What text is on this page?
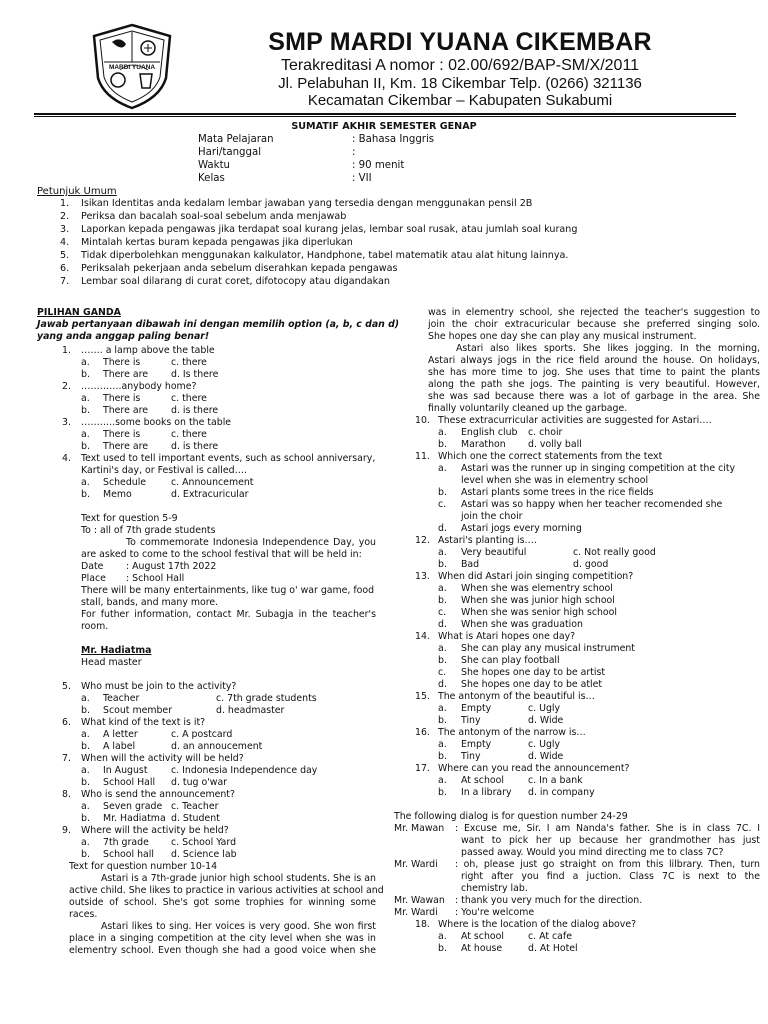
MARDI YUANA
SMP MARDI YUANA CIKEMBAR
Terakreditasi A nomor : 02.00/692/BAP-SM/X/2011
Jl. Pelabuhan II, Km. 18 Cikembar Telp. (0266) 321136
Kecamatan Cikembar – Kabupaten Sukabumi
SUMATIF AKHIR SEMESTER GENAP
Mata Pelajaran	: Bahasa Inggris
Hari/tanggal	:
Waktu	: 90 menit
Kelas	: VII
Petunjuk Umum
1. Isikan Identitas anda kedalam lembar jawaban yang tersedia dengan menggunakan pensil 2B
2. Periksa dan bacalah soal-soal sebelum anda menjawab
3. Laporkan kepada pengawas jika terdapat soal kurang jelas, lembar soal rusak, atau jumlah soal kurang
4. Mintalah kertas buram kepada pengawas jika diperlukan
5. Tidak diperbolehkan menggunakan kalkulator, Handphone, tabel matematik atau alat hitung lainnya.
6. Periksalah pekerjaan anda sebelum diserahkan kepada pengawas
7. Lembar soal dilarang di curat coret, difotocopy atau digandakan
PILIHAN GANDA
Jawab pertanyaan dibawah ini dengan memilih option (a, b, c dan d)
yang anda anggap paling benar!
1. ……. a lamp above the table
a. There is	c. there
b. There are d. Is there
2. ………….anybody home?
a. There is	c. there
b. There are d. is there
3. ………..some books on the table
a. There is	c. there
b. There are d. is there
4. Text used to tell important events, such as school anniversary,
Kartini's day, or Festival is called….
a. Schedule	c. Announcement
b. Memo	d. Extracuricular
Text for question 5-9
To : all of 7th grade students
To commemorate Indonesia Independence Day, you
are asked to come to the school festival that will be held in:
Date : August 17th 2022
Place : School Hall
There will be many entertainments, like tug o' war game, food
stall, bands, and many more.
For futher information, contact Mr. Subagja in the teacher's
room.
Mr. Hadiatma
Head master
5. Who must be join to the activity?
a. Teacher	c. 7th grade students
b. Scout member	d. headmaster
6. What kind of the text is it?
a. A letter	c. A postcard
b. A label	d. an annoucement
7. When will the activity will be held?
a. In August	c. Indonesia Independence day
b. School Hall d. tug o'war
8. Who is send the announcement?
a. Seven grade c. Teacher
b. Mr. Hadiatma d. Student
9. Where will the activity be held?
a. 7th grade c. School Yard
b. School hall d. Science lab
Text for question number 10-14
Astari is a 7th-grade junior high school students. She is an
active child. She likes to practice in various activities at school and
outside of school. She's got some trophies for winning some
races.
Astari likes to sing. Her voices is very good. She won first
place in a singing competition at the city level when she was in
elementry school. Even though she had a good voice when she
was in elementry school, she rejected the teacher's suggestion to
join the choir extracuricular because she preferred singing solo.
She hopes one day she can play any musical instrument.
Astari also likes sports. She likes jogging. In the morning,
Astari always jogs in the rice field around the house. On holidays,
she has more time to jog. She uses that time to paint the plants
along the path she jogs. The painting is very beautiful. However,
she was sad because there was a lot of garbage in the area. She
finally voluntarily cleaned up the garbage.
10. These extracurricular activities are suggested for Astari….
a. English club c. choir
b. Marathon d. volly ball
11. Which one the correct statements from the text
a. Astari was the runner up in singing competition at the city
level when she was in elementry school
b. Astari plants some trees in the rice fields
c. Astari was so happy when her teacher recomended she
join the choir
d. Astari jogs every morning
12. Astari's planting is….
a. Very beautiful	c. Not really good
b. Bad	d. good
13. When did Astari join singing competition?
a. When she was elementry school
b. When she was junior high school
c. When she was senior high school
d. When she was graduation
14. What is Atari hopes one day?
a. She can play any musical instrument
b. She can play football
c. She hopes one day to be artist
d. She hopes one day to be atlet
15. The antonym of the beautiful is…
a. Empty	c. Ugly
b. Tiny	d. Wide
16. The antonym of the narrow is…
a. Empty	c. Ugly
b. Tiny	d. Wide
17. Where can you read the announcement?
a. At school	c. In a bank
b. In a library d. in company
The following dialog is for question number 24-29
Mr. Mawan : Excuse me, Sir. I am Nanda's father. She is in class 7C. I
want to pick her up because her grandmother has just
passed away. Would you mind directing me to class 7C?
Mr. Wardi : oh, please just go straight on from this lilbrary. Then, turn
right after you find a juction. Class 7C is next to the
chemistry lab.
Mr. Wawan : thank you very much for the direction.
Mr. Wardi : You're welcome
18. Where is the location of the dialog above?
a. At school	c. At cafe
b. At house	d. At Hotel
